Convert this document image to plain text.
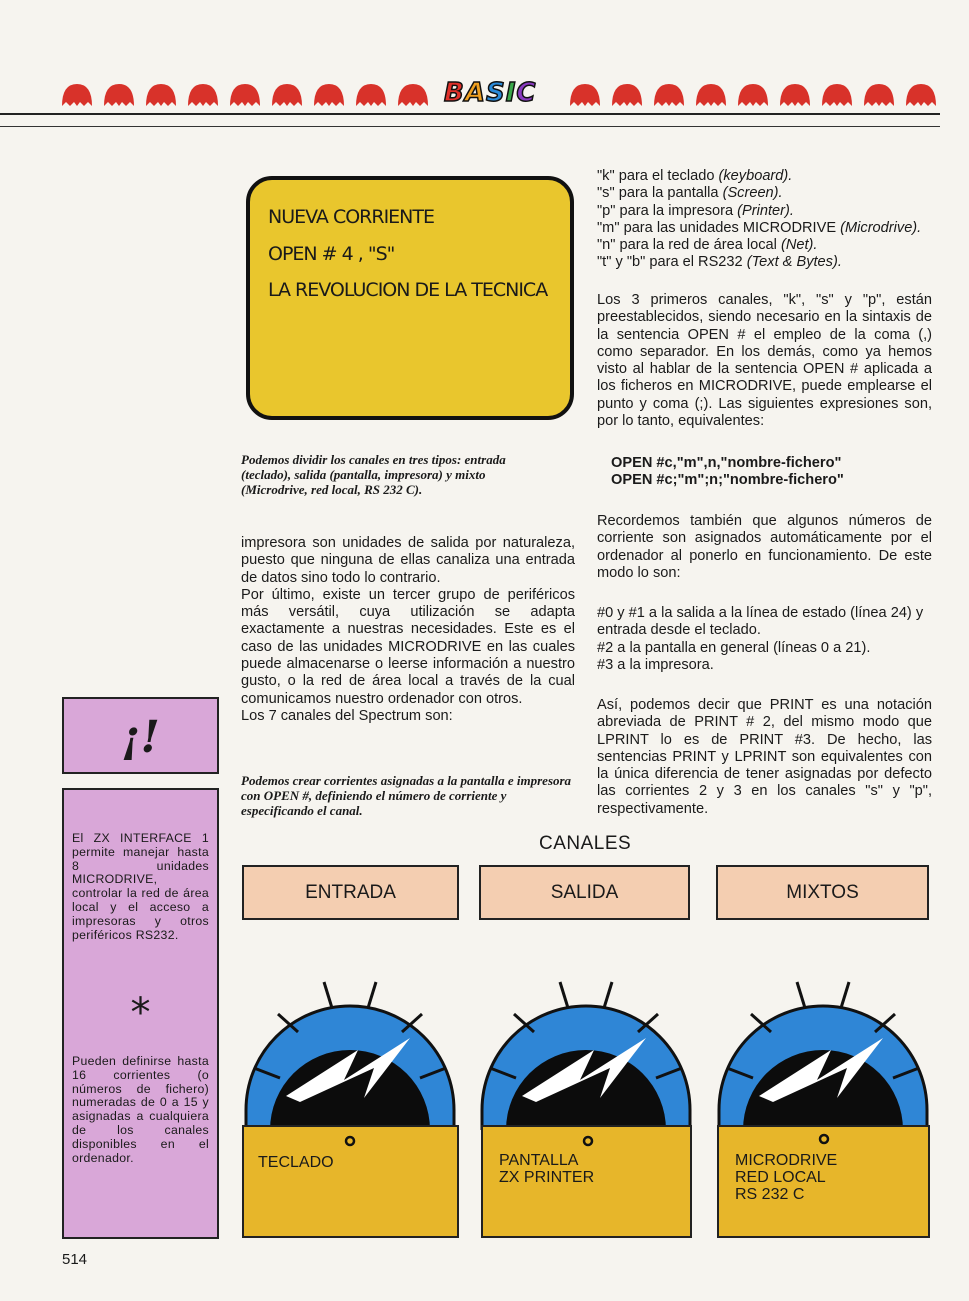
BASIC
NUEVA CORRIENTE
OPEN # 4 , "S"
LA REVOLUCION DE LA TECNICA
Podemos dividir los canales en tres tipos: entrada (teclado), salida (pantalla, impresora) y mixto (Microdrive, red local, RS 232 C).

impresora son unidades de salida por naturaleza, puesto que ninguna de ellas canaliza una entrada de datos sino todo lo contrario.

Por último, existe un tercer grupo de periféricos más versátil, cuya utilización se adapta exactamente a nuestras necesidades. Este es el caso de las unidades MICRODRIVE en las cuales puede almacenarse o leerse información a nuestro gusto, o la red de área local a través de la cual comunicamos nuestro ordenador con otros.

Los 7 canales del Spectrum son:

Podemos crear corrientes asignadas a la pantalla e impresora con OPEN #, definiendo el número de corriente y especificando el canal.
"k" para el teclado (keyboard).
"s" para la pantalla (Screen).
"p" para la impresora (Printer).
"m" para las unidades MICRODRIVE (Microdrive).
"n" para la red de área local (Net).
"t" y "b" para el RS232 (Text & Bytes).
Los 3 primeros canales, "k", "s" y "p", están preestablecidos, siendo necesario en la sintaxis de la sentencia OPEN # el empleo de la coma (,) como separador. En los demás, como ya hemos visto al hablar de la sentencia OPEN # aplicada a los ficheros en MICRODRIVE, puede emplearse el punto y coma (;). Las siguientes expresiones son, por lo tanto, equivalentes:
OPEN #c,"m",n,"nombre-fichero"
OPEN #c;"m";n;"nombre-fichero"
Recordemos también que algunos números de corriente son asignados automáticamente por el ordenador al ponerlo en funcionamiento. De este modo lo son:

#0 y #1 a la salida a la línea de estado (línea 24) y entrada desde el teclado.

#2 a la pantalla en general (líneas 0 a 21).

#3 a la impresora.

Así, podemos decir que PRINT es una notación abreviada de PRINT # 2, del mismo modo que LPRINT lo es de PRINT #3. De hecho, las sentencias PRINT y LPRINT son equivalentes con la única diferencia de tener asignadas por defecto las corrientes 2 y 3 en los canales "s" y "p", respectivamente.
¡!
El ZX INTERFACE 1 permite manejar hasta 8 unidades MICRODRIVE, controlar la red de área local y el acceso a impresoras y otros periféricos RS232.
*
Pueden definirse hasta 16 corrientes (o números de fichero) numeradas de 0 a 15 y asignadas a cualquiera de los canales disponibles en el ordenador.
CANALES
ENTRADA	SALIDA	MIXTOS
TECLADO	PANTALLA
ZX PRINTER
MICRODRIVE
RED LOCAL
RS 232 C
514
